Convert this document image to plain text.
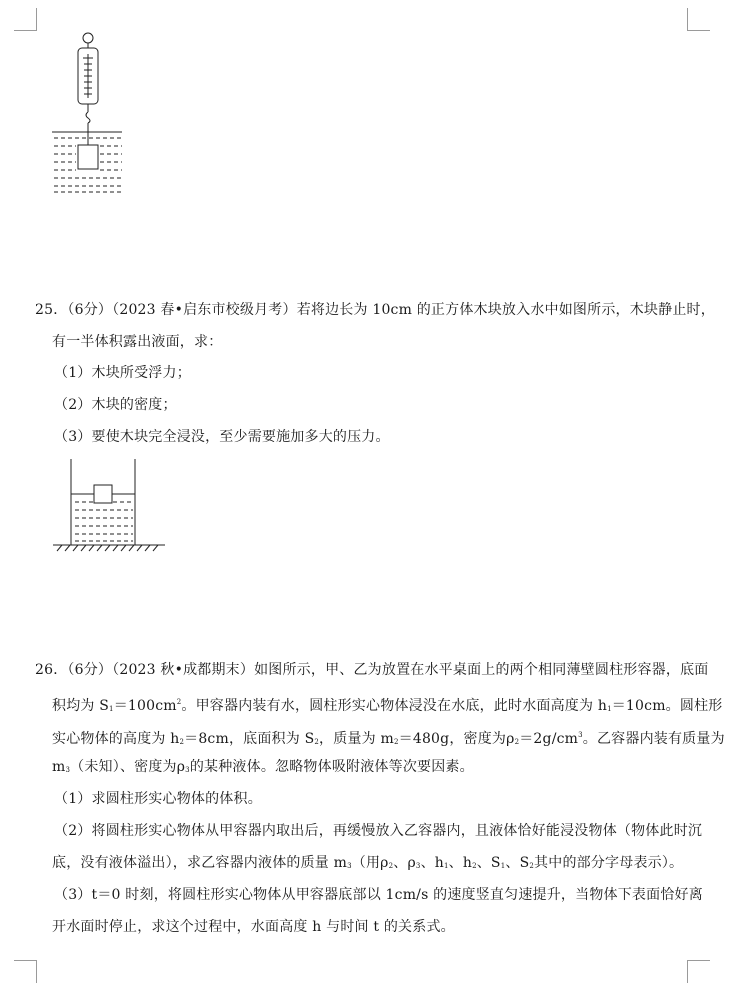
25．（6分）（2023 春•启东市校级月考）若将边长为 10cm 的正方体木块放入水中如图所示，木块静止时，
有一半体积露出液面，求：
（1）木块所受浮力；
（2）木块的密度；
（3）要使木块完全浸没，至少需要施加多大的压力。
26．（6分）（2023 秋•成都期末）如图所示，甲、乙为放置在水平桌面上的两个相同薄壁圆柱形容器，底面
积均为 $S1=100cm^2$。甲容器内装有水，圆柱形实心物体浸没在水底，此时水面高度为 h1＝10cm。圆柱形
实心物体的高度为 h2＝8cm，底面积为 S2，质量为 m2＝480g，密度为$\rho 2=2g/cm^3$。乙容器内装有质量为
m3（未知）、密度为ρ3的某种液体。忽略物体吸附液体等次要因素。
（1）求圆柱形实心物体的体积。
（2）将圆柱形实心物体从甲容器内取出后，再缓慢放入乙容器内，且液体恰好能浸没物体（物体此时沉
底，没有液体溢出），求乙容器内液体的质量 m3（用ρ2、ρ3、h1、h2、S1、S2其中的部分字母表示）。
（3）t＝0 时刻，将圆柱形实心物体从甲容器底部以 1cm/s 的速度竖直匀速提升，当物体下表面恰好离
开水面时停止，求这个过程中，水面高度 h 与时间 t 的关系式。
